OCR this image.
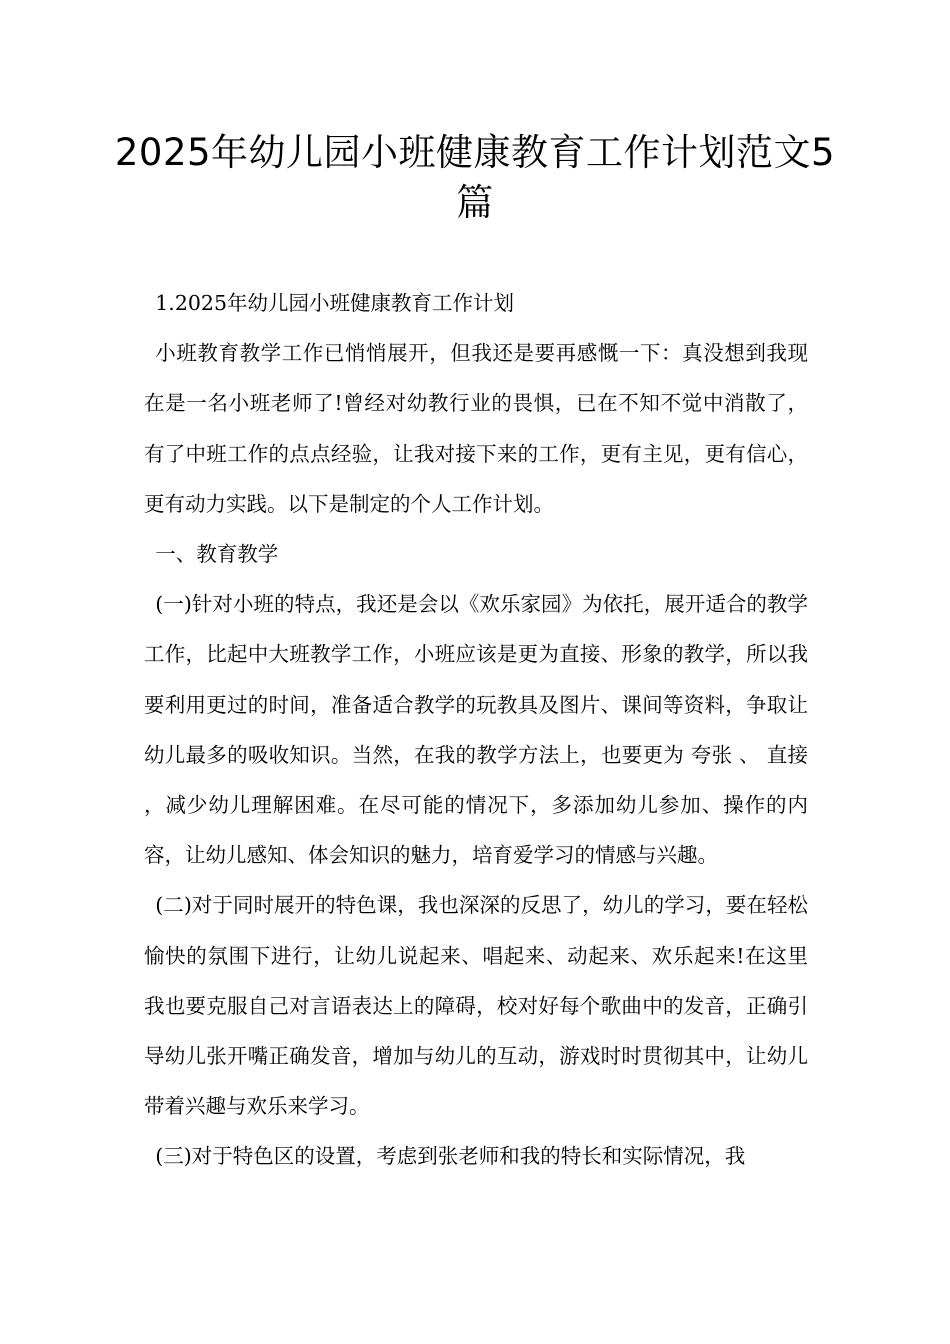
2025年幼儿园小班健康教育工作计划范文5篇

1.2025年幼儿园小班健康教育工作计划

小班教育教学工作已悄悄展开，但我还是要再感慨一下：真没想到我现在是一名小班老师了!曾经对幼教行业的畏惧，已在不知不觉中消散了，有了中班工作的点点经验，让我对接下来的工作，更有主见，更有信心，更有动力实践。以下是制定的个人工作计划。

一、教育教学

(一)针对小班的特点，我还是会以《欢乐家园》为依托，展开适合的教学工作，比起中大班教学工作，小班应该是更为直接、形象的教学，所以我要利用更过的时间，准备适合教学的玩教具及图片、课间等资料，争取让幼儿最多的吸收知识。当然，在我的教学方法上，也要更为 夸张 、 直接 ，减少幼儿理解困难。在尽可能的情况下，多添加幼儿参加、操作的内容，让幼儿感知、体会知识的魅力，培育爱学习的情感与兴趣。

(二)对于同时展开的特色课，我也深深的反思了，幼儿的学习，要在轻松愉快的氛围下进行，让幼儿说起来、唱起来、动起来、欢乐起来!在这里我也要克服自己对言语表达上的障碍，校对好每个歌曲中的发音，正确引导幼儿张开嘴正确发音，增加与幼儿的互动，游戏时时贯彻其中，让幼儿带着兴趣与欢乐来学习。

(三)对于特色区的设置，考虑到张老师和我的特长和实际情况，我
